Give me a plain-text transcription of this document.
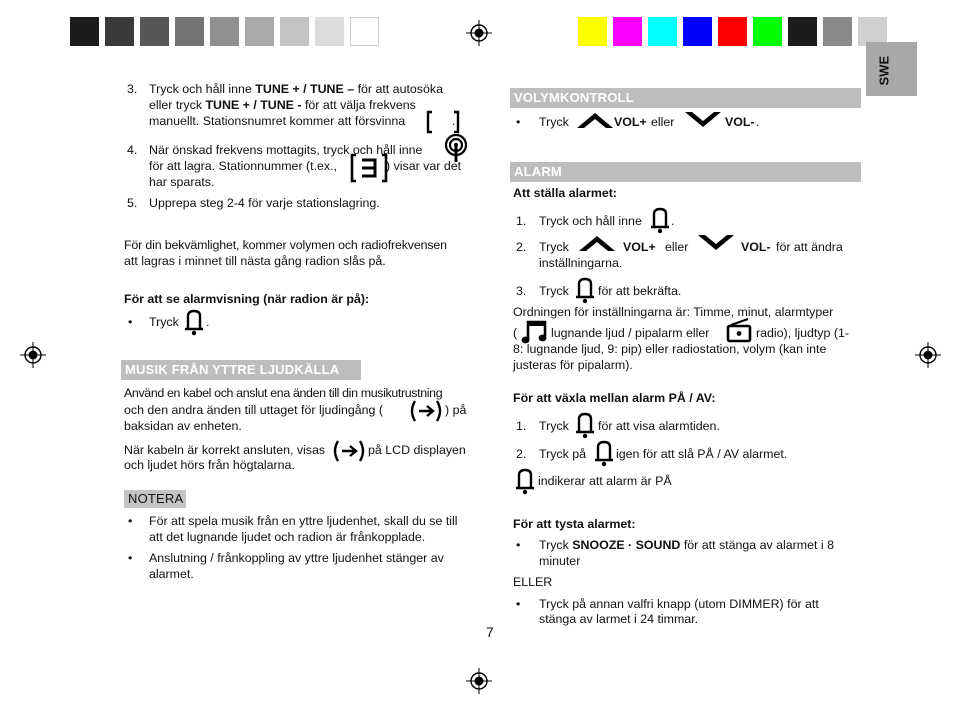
SWE
3. Tryck och håll inne TUNE + / TUNE – för att autosöka
eller tryck TUNE + / TUNE - för att välja frekvens
manuellt. Stationsnumret kommer att försvinna	.
4. När önskad frekvens mottagits, tryck och håll inne
för att lagra. Stationnummer (t.ex.,	) visar var det
har sparats.
5. Upprepa steg 2-4 för varje stationslagring.
För din bekvämlighet, kommer volymen och radiofrekvensen
att lagras i minnet till nästa gång radion slås på.
För att se alarmvisning (när radion är på):
• Tryck .
MUSIK FRÅN YTTRE LJUDKÄLLA
Använd en kabel och anslut ena änden till din musikutrustning
och den andra änden till uttaget för ljudingång (	) på
baksidan av enheten.
När kabeln är korrekt ansluten, visas	på LCD displayen
och ljudet hörs från högtalarna.
NOTERA
• För att spela musik från en yttre ljudenhet, skall du se till
att det lugnande ljudet och radion är frånkopplade.
• Anslutning / frånkoppling av yttre ljudenhet stänger av
alarmet.
7
VOLYMKONTROLL
• Tryck	VOL+ eller	VOL- .
ALARM
Att ställa alarmet:
1. Tryck och håll inne .
2. Tryck	VOL+ eller	VOL- för att ändra
inställningarna.
3. Tryck för att bekräfta.
Ordningen för inställningarna är: Timme, minut, alarmtyper
(	lugnande ljud / pipalarm eller	radio), ljudtyp (1-
8: lugnande ljud, 9: pip) eller radiostation, volym (kan inte
justeras för pipalarm).
För att växla mellan alarm PÅ / AV:
1. Tryck för att visa alarmtiden.
2. Tryck på igen för att slå PÅ / AV alarmet.
indikerar att alarm är PÅ
För att tysta alarmet:
• Tryck SNOOZE · SOUND för att stänga av alarmet i 8
minuter
ELLER
• Tryck på annan valfri knapp (utom DIMMER) för att
stänga av larmet i 24 timmar.
